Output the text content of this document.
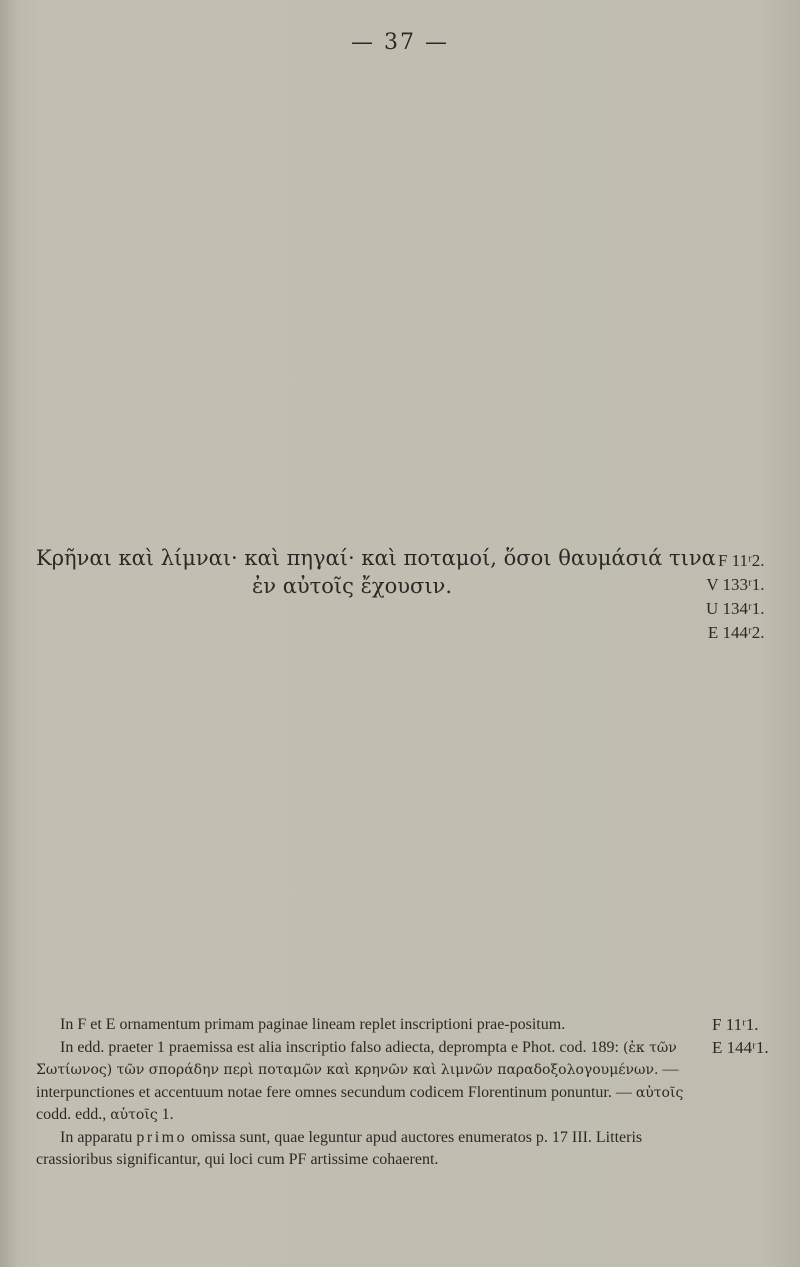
— 37 —
Κρῆναι καὶ λίμναι· καὶ πηγαί· καὶ ποταμοί, ὅσοι θαυμάσιά τινα
ἐν αὐτοῖς ἔχουσιν.
F 11ʳ2.
V 133ʳ1.
U 134ʳ1.
E 144ʳ2.

In F et E ornamentum primam paginae lineam replet inscriptioni prae-positum.

In edd. praeter 1 praemissa est alia inscriptio falso adiecta, deprompta e Phot. cod. 189: (ἐκ τῶν Σωτίωνος) τῶν σποράδην περὶ ποταμῶν καὶ κρηνῶν καὶ λιμνῶν παραδοξολογουμένων. — interpunctiones et accentuum notae fere omnes secundum codicem Florentinum ponuntur. — αὐτοῖς codd. edd., αὑτοῖς 1.

In apparatu primo omissa sunt, quae leguntur apud auctores enumeratos p. 17 III. Litteris crassioribus significantur, qui loci cum PF artissime cohaerent.

F 11ʳ1.
E 144ʳ1.
